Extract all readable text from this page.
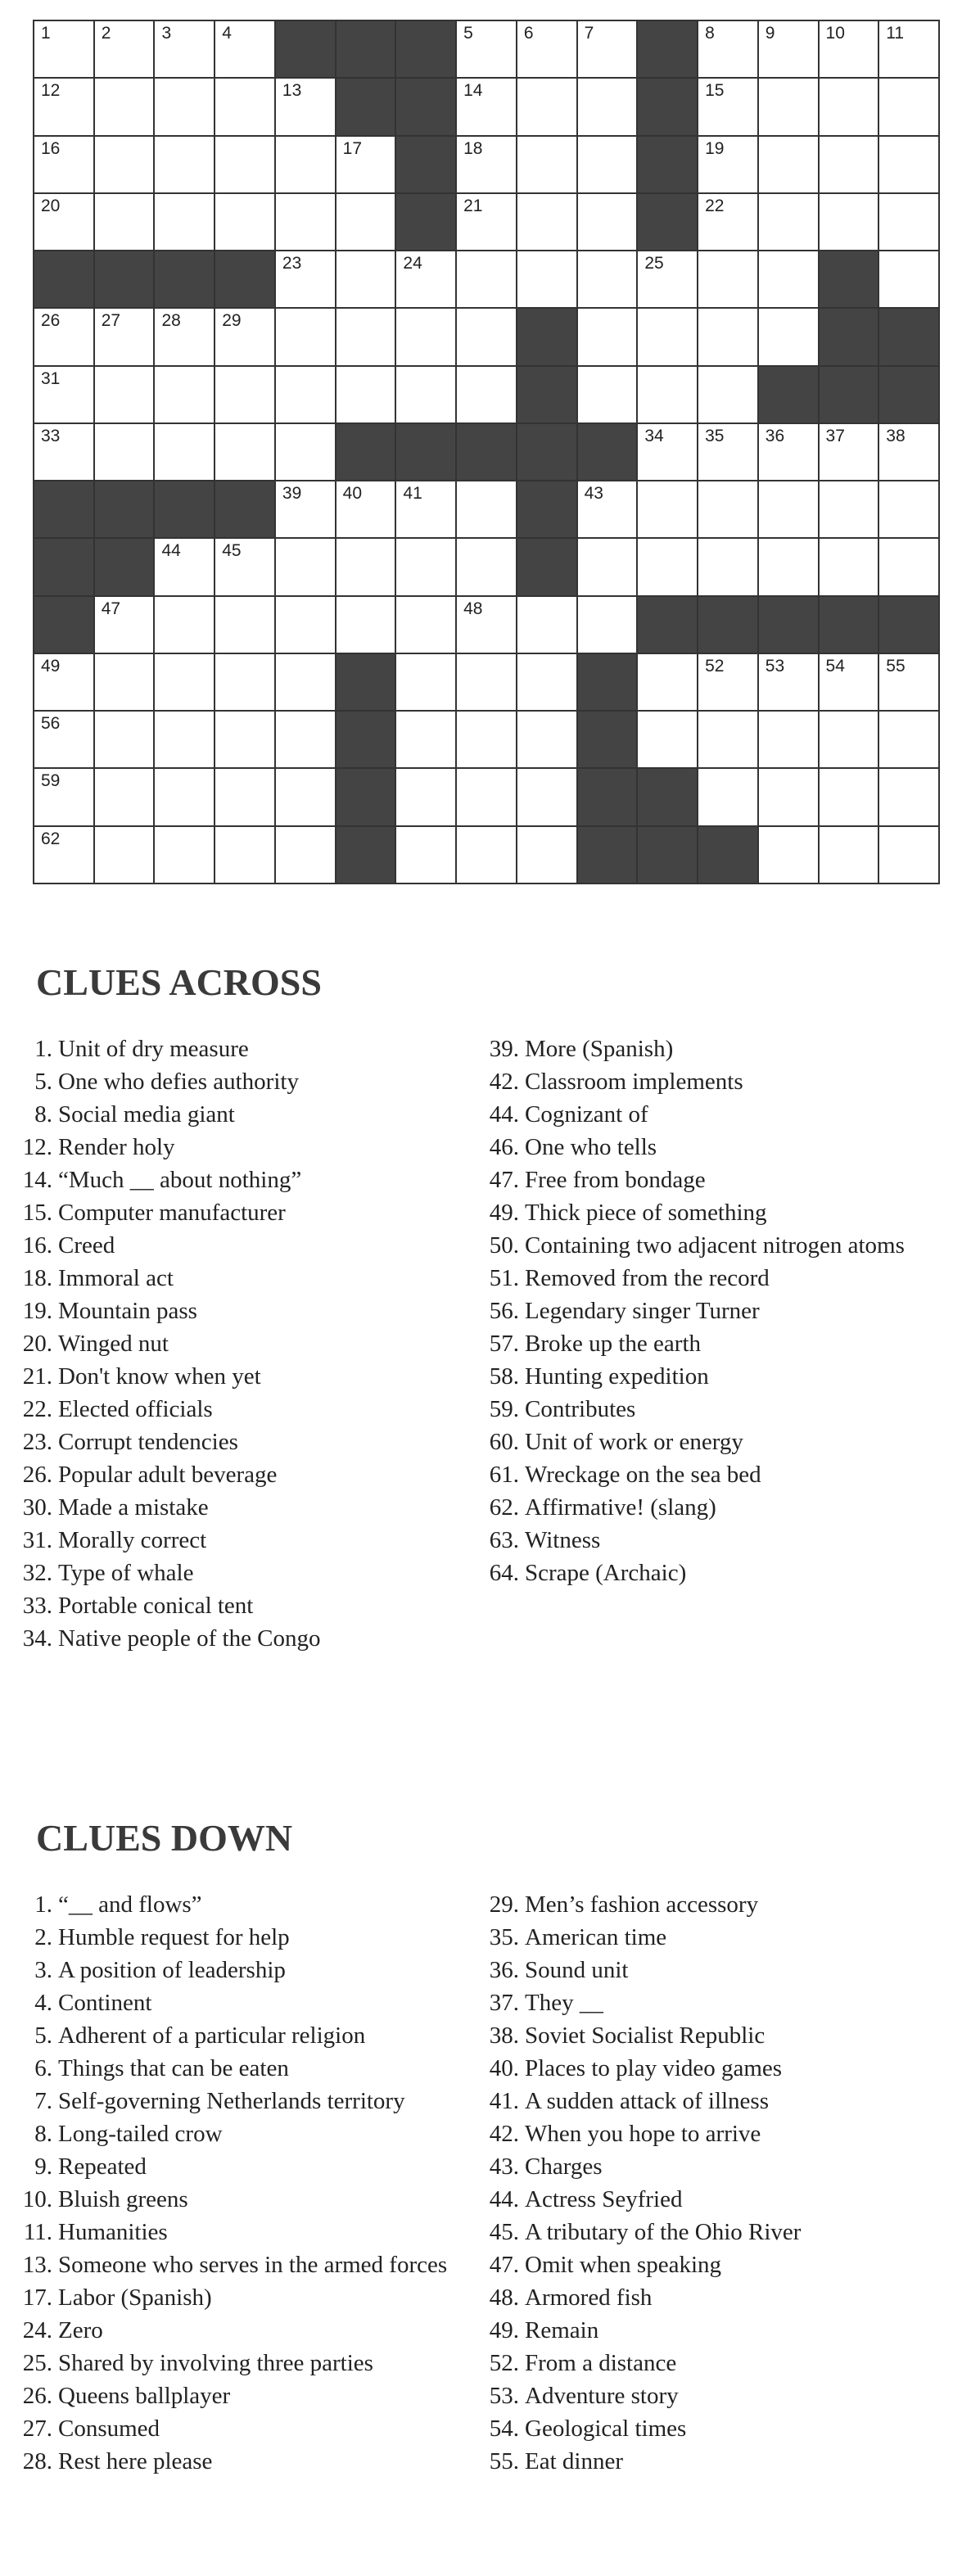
1	2	3	4	5	6	7	8	9	10 11
12	13	14	15
16	17	18	19
20	21	22
23	24	25
26 27 28 29
31
33	34 35 36 37 38
39 40 41	43
44 45
47	48
49	52 53 54 55
56
59
62
CLUES ACROSS
1. Unit of dry measure
5. One who defies authority
8. Social media giant
12. Render holy
14. “Much __ about nothing”
15. Computer manufacturer
16. Creed
18. Immoral act
19. Mountain pass
20. Winged nut
21. Don't know when yet
22. Elected officials
23. Corrupt tendencies
26. Popular adult beverage
30. Made a mistake
31. Morally correct
32. Type of whale
33. Portable conical tent
34. Native people of the Congo
39. More (Spanish)
42. Classroom implements
44. Cognizant of
46. One who tells
47. Free from bondage
49. Thick piece of something
50. Containing two adjacent nitrogen atoms
51. Removed from the record
56. Legendary singer Turner
57. Broke up the earth
58. Hunting expedition
59. Contributes
60. Unit of work or energy
61. Wreckage on the sea bed
62. Affirmative! (slang)
63. Witness
64. Scrape (Archaic)
CLUES DOWN
1. “__ and flows”
2. Humble request for help
3. A position of leadership
4. Continent
5. Adherent of a particular religion
6. Things that can be eaten
7. Self-governing Netherlands territory
8. Long-tailed crow
9. Repeated
10. Bluish greens
11. Humanities
13. Someone who serves in the armed forces
17. Labor (Spanish)
24. Zero
25. Shared by involving three parties
26. Queens ballplayer
27. Consumed
28. Rest here please
29. Men’s fashion accessory
35. American time
36. Sound unit
37. They __
38. Soviet Socialist Republic
40. Places to play video games
41. A sudden attack of illness
42. When you hope to arrive
43. Charges
44. Actress Seyfried
45. A tributary of the Ohio River
47. Omit when speaking
48. Armored fish
49. Remain
52. From a distance
53. Adventure story
54. Geological times
55. Eat dinner
